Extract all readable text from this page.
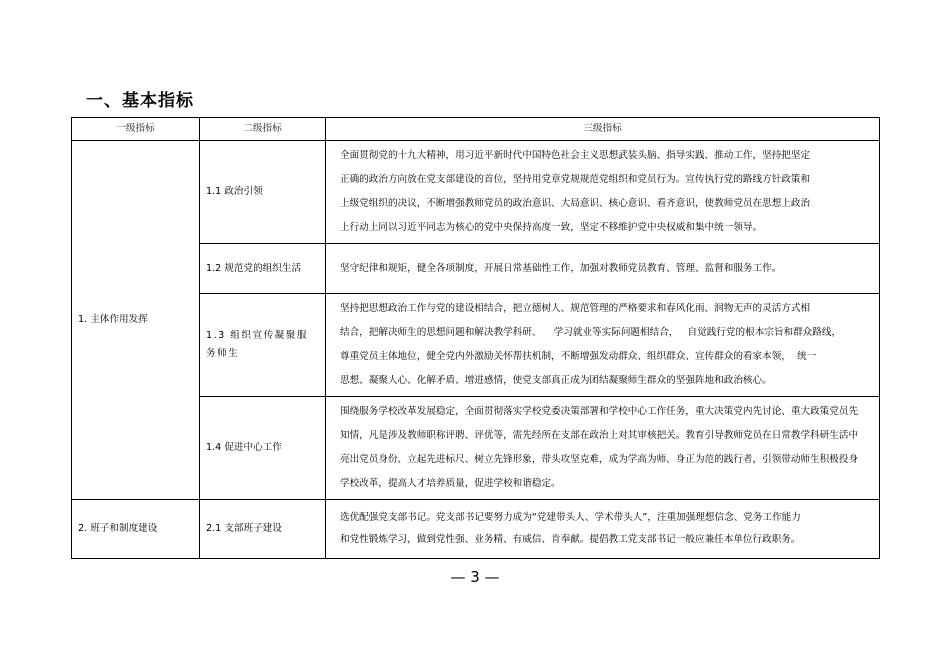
一、基本指标
一级指标	二级指标	三级指标
1. 主体作用发挥	1.1 政治引领	全面贯彻党的十九大精神，用习近平新时代中国特色社会主义思想武装头脑、指导实践、推动工作，坚持把坚定

正确的政治方向放在党支部建设的首位，坚持用党章党规规范党组织和党员行为。宣传执行党的路线方针政策和

上级党组织的决议，不断增强教师党员的政治意识、大局意识、核心意识、看齐意识，使教师党员在思想上政治

上行动上同以习近平同志为核心的党中央保持高度一致，坚定不移维护党中央权威和集中统一领导。

	1.2 规范党的组织生活	坚守纪律和规矩，健全各项制度，开展日常基础性工作，加强对教师党员教育、管理、监督和服务工作。

	1.3 组织宣传凝聚服务师生	坚持把思想政治工作与党的建设相结合，把立德树人、规范管理的严格要求和春风化雨、润物无声的灵活方式相

结合，把解决师生的思想问题和解决教学科研、    学习就业等实际问题相结合，   自觉践行党的根本宗旨和群众路线，

尊重党员主体地位，健全党内外激励关怀帮扶机制，不断增强发动群众、组织群众、宣传群众的看家本领，  统一

思想、凝聚人心、化解矛盾、增进感情，使党支部真正成为团结凝聚师生群众的坚强阵地和政治核心。

	1.4 促进中心工作	围绕服务学校改革发展稳定，全面贯彻落实学校党委决策部署和学校中心工作任务，重大决策党内先讨论、重大政策党员先

知情，凡是涉及教师职称评聘、评优等，需先经所在支部在政治上对其审核把关。教育引导教师党员在日常教学科研生活中

亮出党员身份、立起先进标尺、树立先锋形象，带头攻坚克难，成为学高为师、身正为范的践行者，引领带动师生积极投身

学校改革，提高人才培养质量，促进学校和谐稳定。

2. 班子和制度建设	2.1 支部班子建设	选优配强党支部书记。党支部书记要努力成为“党建带头人、学术带头人”，注重加强理想信念、党务工作能力

和党性锻炼学习，做到党性强、业务精、有威信、肯奉献。提倡教工党支部书记一般应兼任本单位行政职务。

— 3 —
